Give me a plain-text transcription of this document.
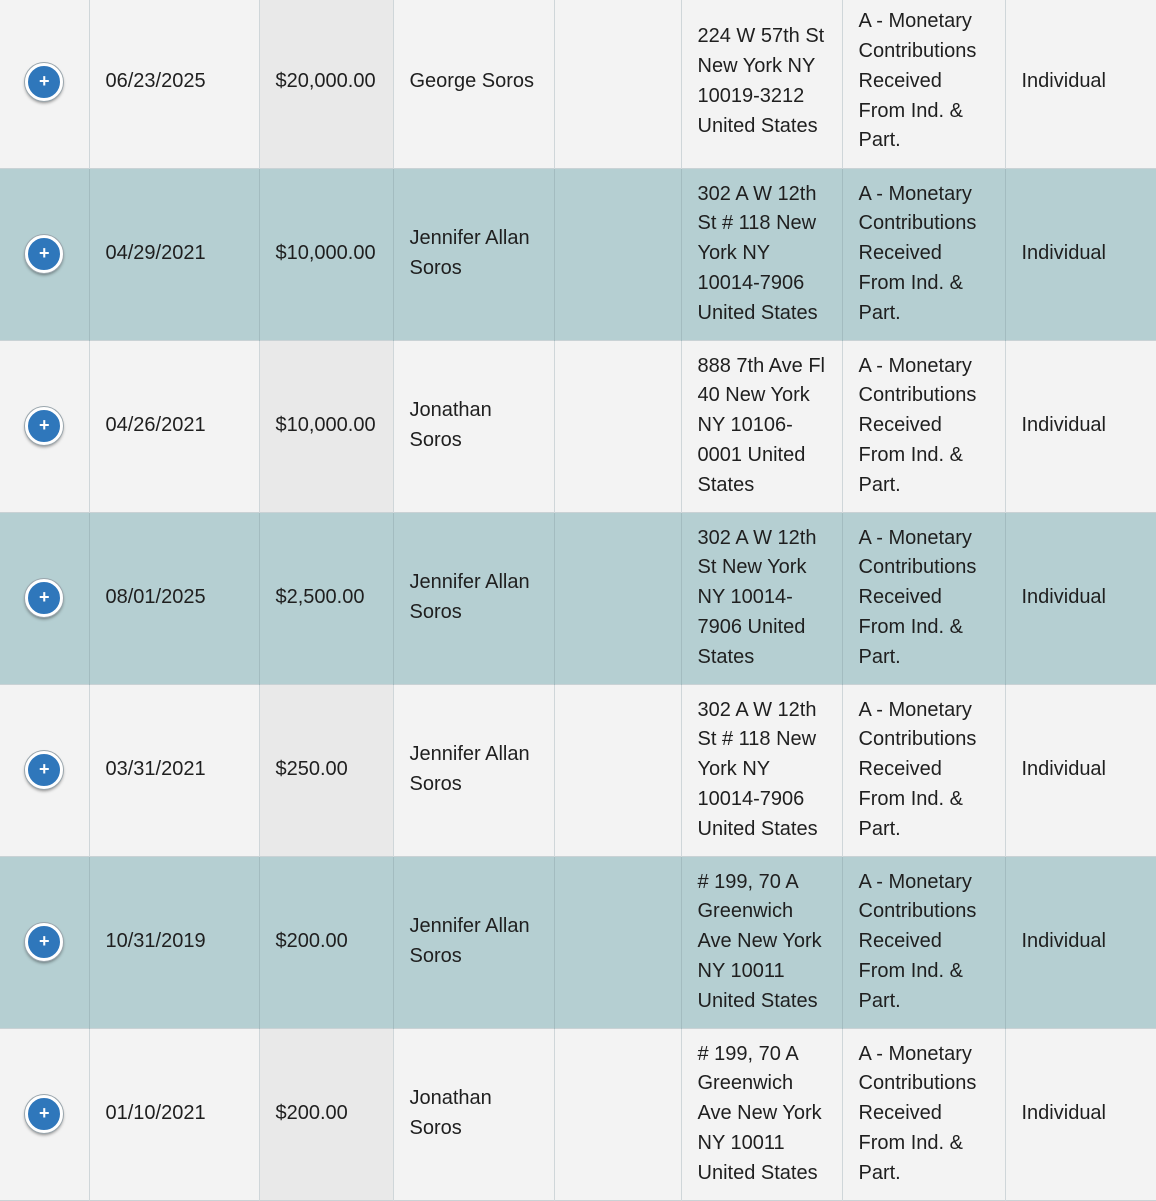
+	06/23/2025	$20,000.00	George Soros		224 W 57th St New York NY 10019-3212 United States	A - Monetary Contributions Received From Ind. & Part.	Individual
+	04/29/2021	$10,000.00	Jennifer Allan Soros		302 A W 12th St # 118 New York NY 10014-7906 United States	A - Monetary Contributions Received From Ind. & Part.	Individual
+	04/26/2021	$10,000.00	Jonathan Soros		888 7th Ave Fl 40 New York NY 10106-0001 United States	A - Monetary Contributions Received From Ind. & Part.	Individual
+	08/01/2025	$2,500.00	Jennifer Allan Soros		302 A W 12th St New York NY 10014-7906 United States	A - Monetary Contributions Received From Ind. & Part.	Individual
+	03/31/2021	$250.00	Jennifer Allan Soros		302 A W 12th St # 118 New York NY 10014-7906 United States	A - Monetary Contributions Received From Ind. & Part.	Individual
+	10/31/2019	$200.00	Jennifer Allan Soros		# 199, 70 A Greenwich Ave New York NY 10011 United States	A - Monetary Contributions Received From Ind. & Part.	Individual
+	01/10/2021	$200.00	Jonathan Soros		# 199, 70 A Greenwich Ave New York NY 10011 United States	A - Monetary Contributions Received From Ind. & Part.	Individual
